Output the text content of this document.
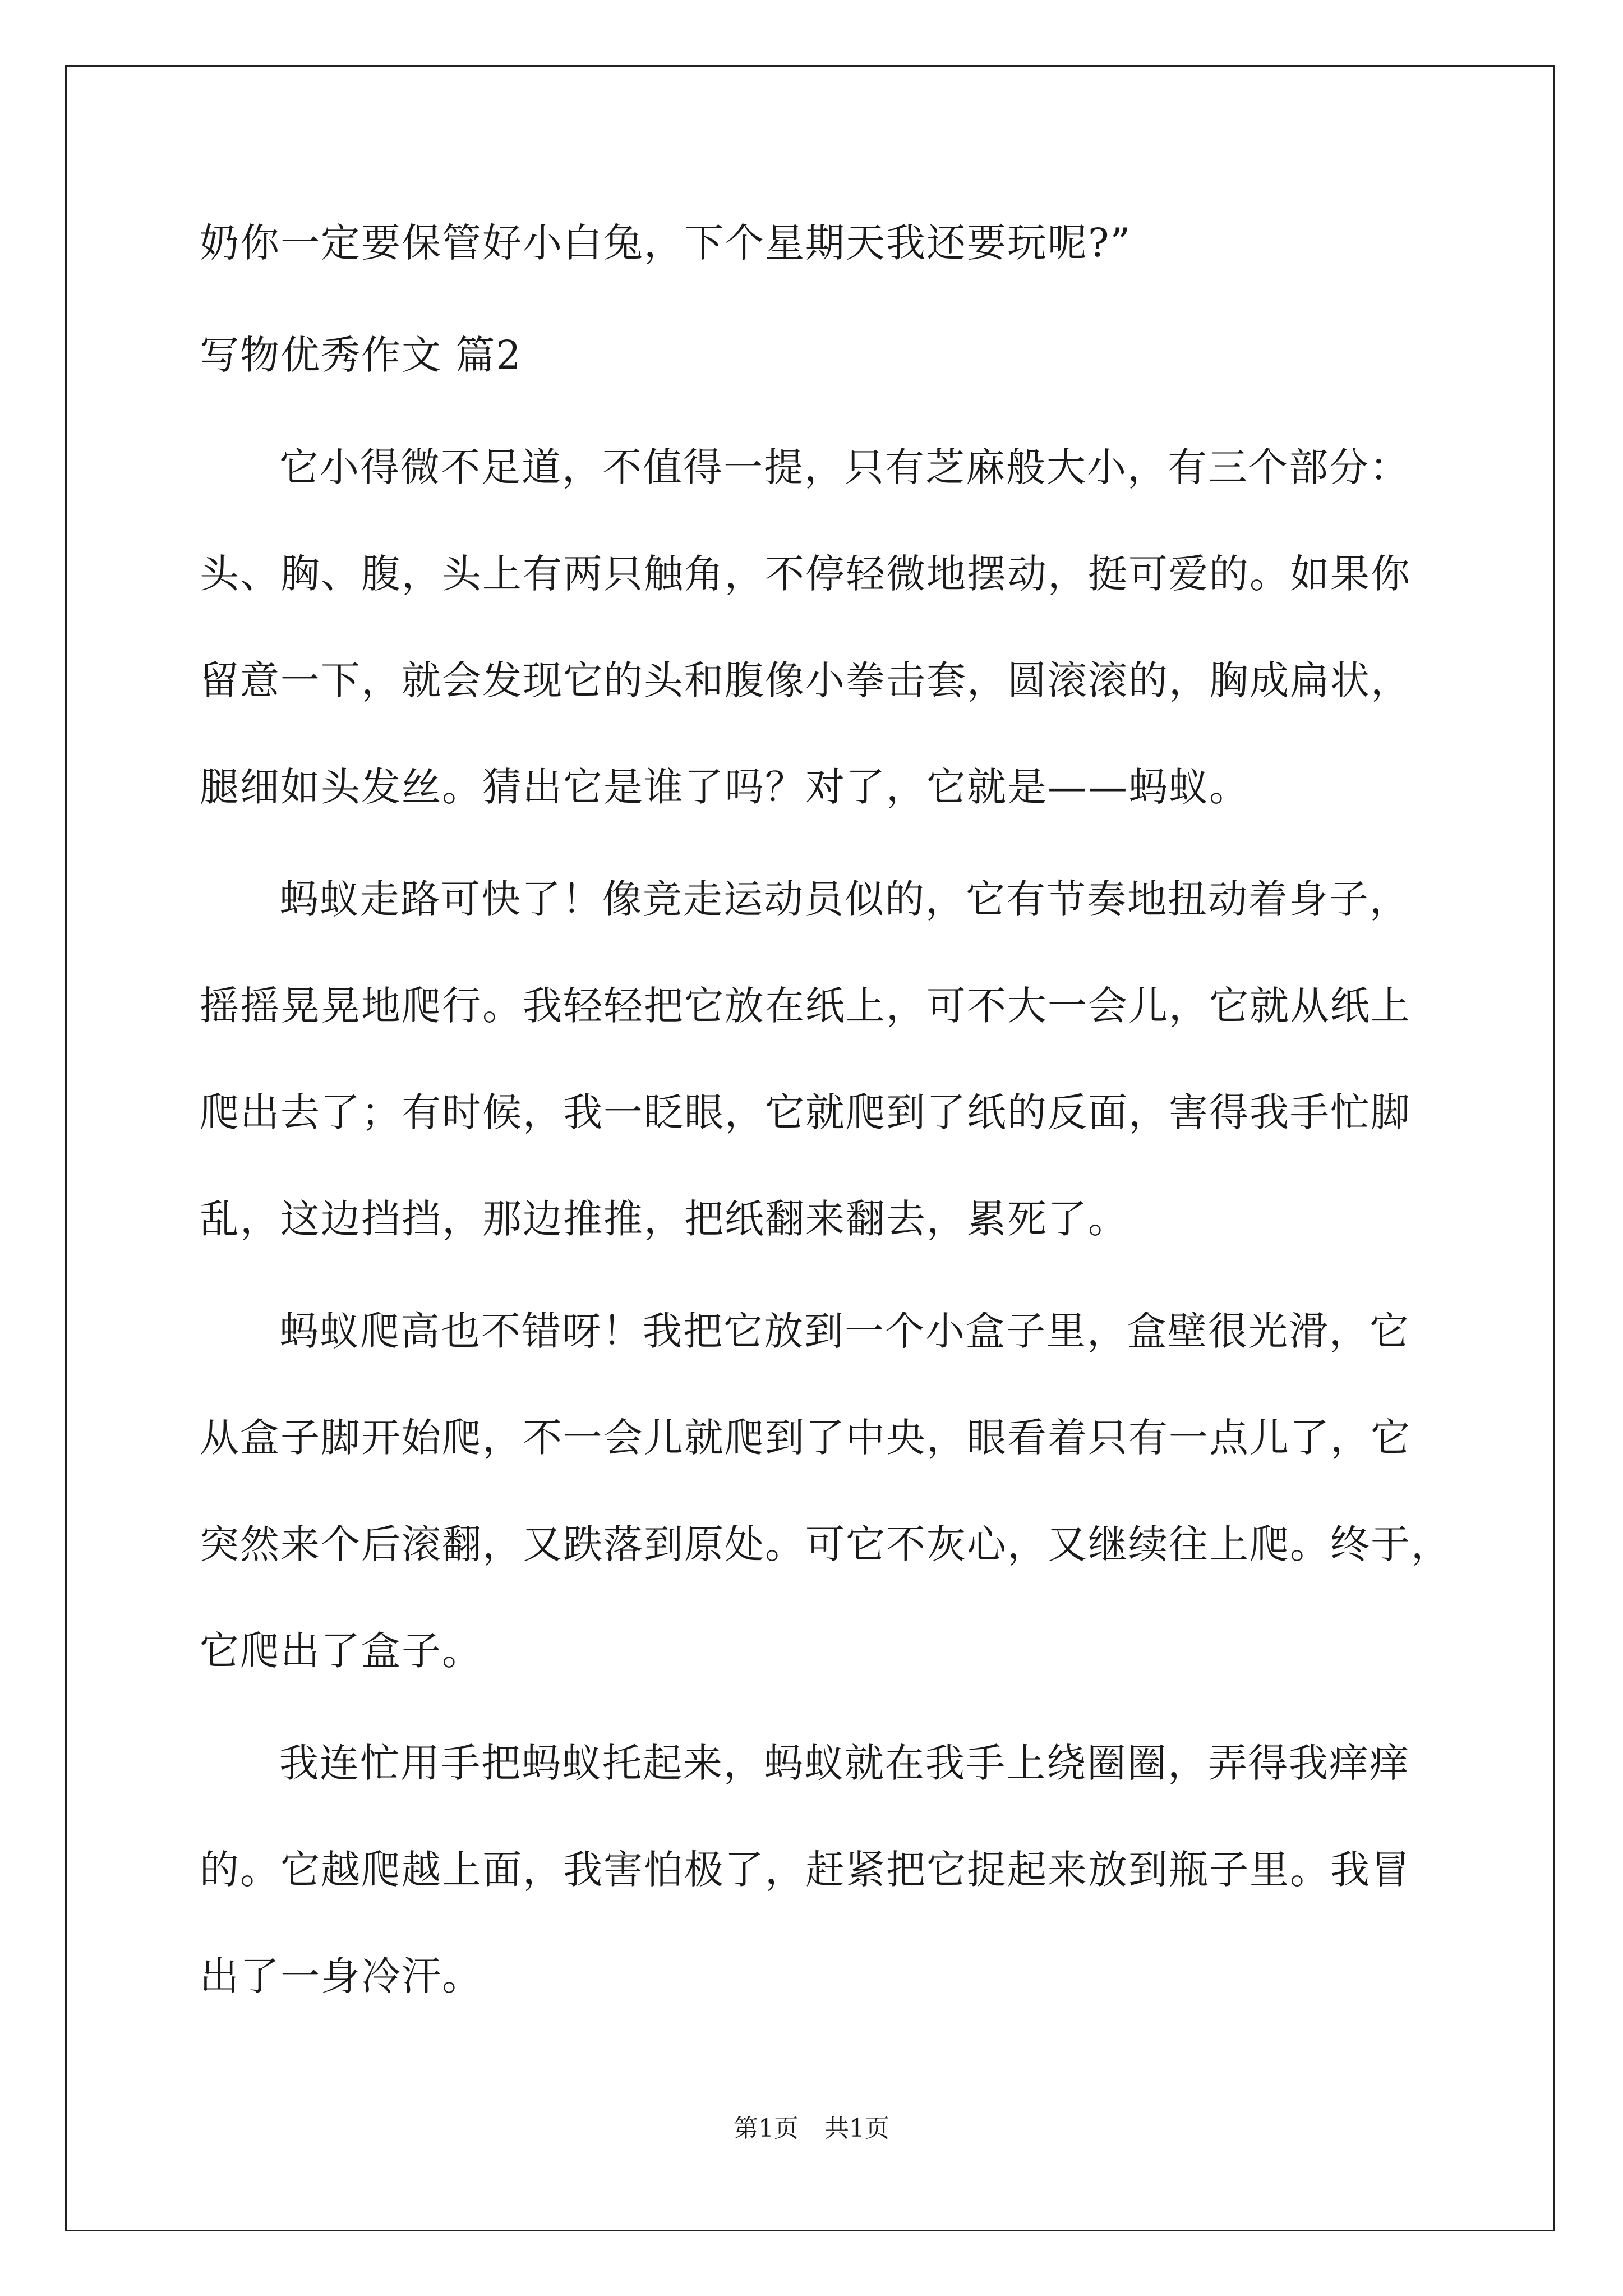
奶你一定要保管好小白兔，下个星期天我还要玩呢?”

写物优秀作文 篇2

它小得微不足道，不值得一提，只有芝麻般大小，有三个部分：

头、胸、腹，头上有两只触角，不停轻微地摆动，挺可爱的。如果你

留意一下，就会发现它的头和腹像小拳击套，圆滚滚的，胸成扁状，

腿细如头发丝。猜出它是谁了吗？对了，它就是——蚂蚁。

蚂蚁走路可快了！像竞走运动员似的，它有节奏地扭动着身子，

摇摇晃晃地爬行。我轻轻把它放在纸上，可不大一会儿，它就从纸上

爬出去了；有时候，我一眨眼，它就爬到了纸的反面，害得我手忙脚

乱，这边挡挡，那边推推，把纸翻来翻去，累死了。

蚂蚁爬高也不错呀！我把它放到一个小盒子里，盒壁很光滑，它

从盒子脚开始爬，不一会儿就爬到了中央，眼看着只有一点儿了，它

突然来个后滚翻，又跌落到原处。可它不灰心，又继续往上爬。终于，

它爬出了盒子。

我连忙用手把蚂蚁托起来，蚂蚁就在我手上绕圈圈，弄得我痒痒

的。它越爬越上面，我害怕极了，赶紧把它捉起来放到瓶子里。我冒

出了一身冷汗。

第1页 共1页
